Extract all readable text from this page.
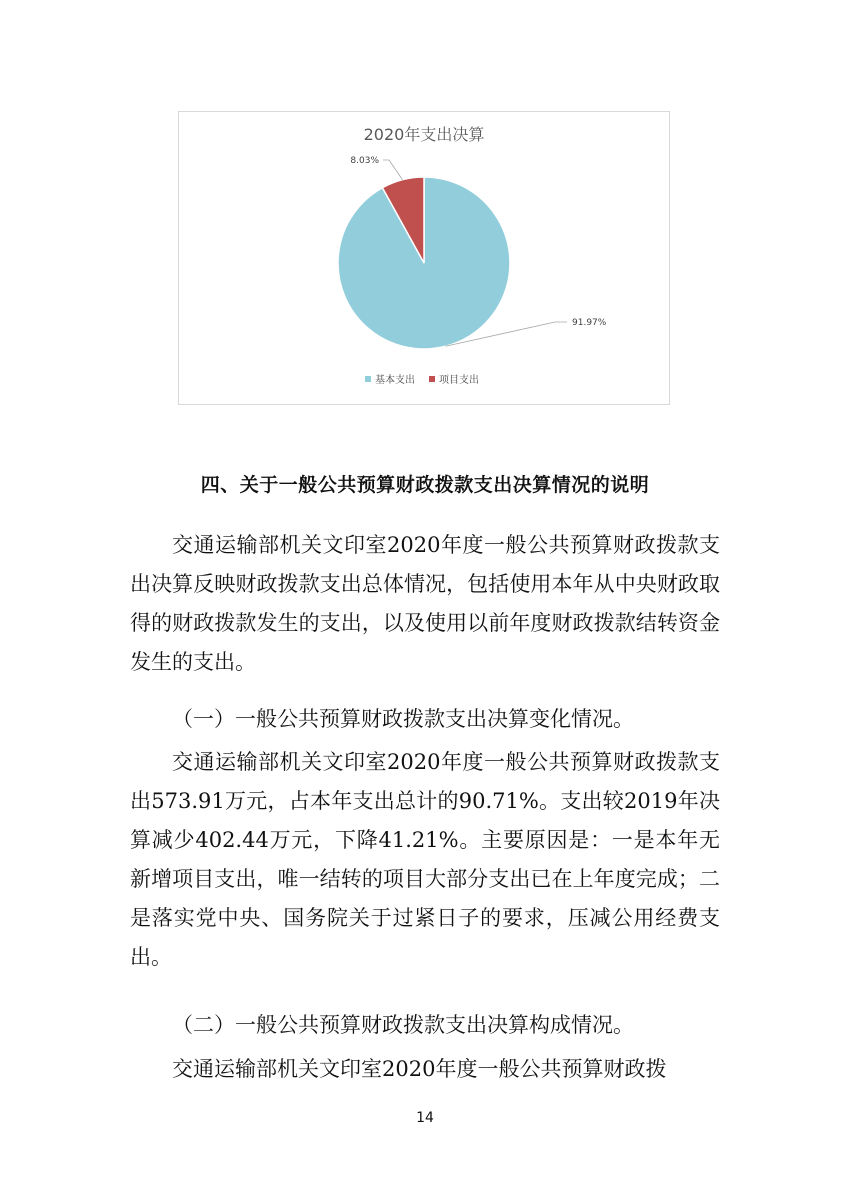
2020年支出决算
91.97%
8.03%
基本支出 项目支出
四、关于一般公共预算财政拨款支出决算情况的说明

交通运输部机关文印室2020年度一般公共预算财政拨款支出决算反映财政拨款支出总体情况，包括使用本年从中央财政取得的财政拨款发生的支出，以及使用以前年度财政拨款结转资金发生的支出。

（一）一般公共预算财政拨款支出决算变化情况。

交通运输部机关文印室2020年度一般公共预算财政拨款支出573.91万元，占本年支出总计的90.71%。支出较2019年决算减少402.44万元，下降41.21%。主要原因是：一是本年无新增项目支出，唯一结转的项目大部分支出已在上年度完成；二是落实党中央、国务院关于过紧日子的要求，压减公用经费支出。

（二）一般公共预算财政拨款支出决算构成情况。

交通运输部机关文印室2020年度一般公共预算财政拨

14
